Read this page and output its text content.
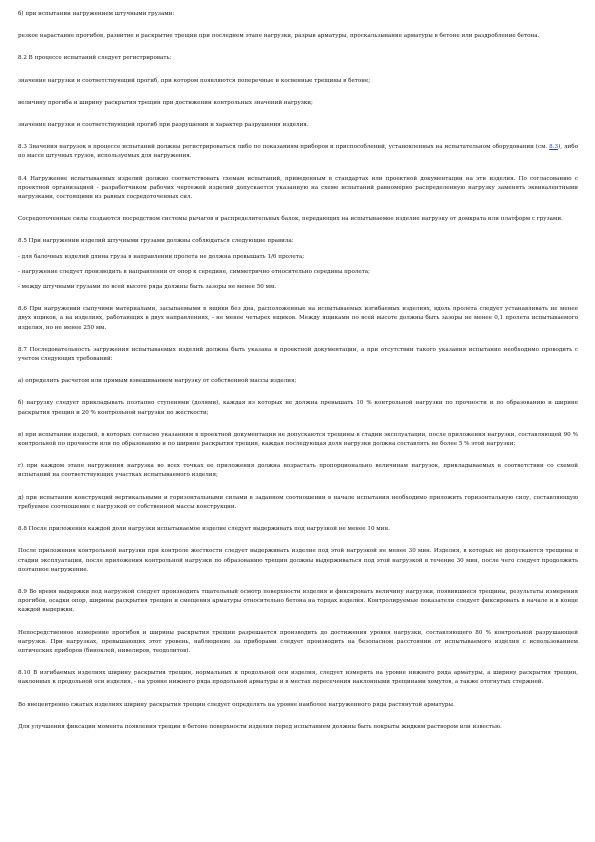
б) при испытании нагружением штучными грузами:

резкое нарастание прогибов, развитие и раскрытие трещин при последнем этапе нагрузки, разрыв арматуры, проскальзывание арматуры в бетоне или раздробление бетона.

8.2 В процессе испытаний следует регистрировать:

значение нагрузки и соответствующий прогиб, при котором появляются поперечные и косвенные трещины в бетоне;

величину прогиба и ширину раскрытия трещин при достижении контрольных значений нагрузки;

значение нагрузки и соответствующий прогиб при разрушении и характер разрушения изделия.

8.3 Значения нагрузок в процессе испытаний должны регистрироваться либо по показаниям приборов и приспособлений, установленных на испытательном оборудовании (см. 8.3), либо по массе штучных грузов, используемых для нагружения.

8.4 Нагружение испытываемых изделий должно соответствовать схемам испытаний, приведенным в стандартах или проектной документации на эти изделия. По согласованию с проектной организацией - разработчиком рабочих чертежей изделий допускается указанную на схеме испытаний равномерно распределенную нагрузку заменять эквивалентными нагрузками, состоящими из равных сосредоточенных сил.

Сосредоточенные силы создаются посредством системы рычагов и распределительных балок, передающих на испытываемое изделие нагрузку от домкрата или платформ с грузами.

8.5 При нагружении изделий штучными грузами должны соблюдаться следующие правила:

- для балочных изделий длина груза в направлении пролета не должна превышать 1/6 пролета;

- нагружение следует производить в направлении от опор к середине, симметрично относительно середины пролета;

- между штучными грузами по всей высоте ряда должны быть зазоры не менее 50 мм.

8.6 При нагружении сыпучими материалами, засыпаемыми в ящики без дна, расположенные на испытываемых изгибаемых изделиях, вдоль пролета следует устанавливать не менее двух ящиков, а на изделиях, работающих в двух направлениях, - не менее четырех ящиков. Между ящиками по всей высоте должны быть зазоры не менее 0,1 пролета испытываемого изделия, но не менее 250 мм.

8.7 Последовательность загружения испытываемых изделий должна быть указана в проектной документации, а при отсутствии такого указания испытание необходимо проводить с учетом следующих требований:

а) определить расчетом или прямым взвешиванием нагрузку от собственной массы изделия;

б) нагрузку следует прикладывать поэтапно ступенями (долями), каждая из которых не должна превышать 10 % контрольной нагрузки по прочности и по образованию и ширине раскрытия трещин и 20 % контрольной нагрузки по жесткости;

в) при испытании изделий, в которых согласно указаниям в проектной документации не допускаются трещины в стадии эксплуатации, после приложения нагрузки, составляющей 90 % контрольной по прочности или по образованию и по ширине раскрытия трещин, каждая последующая доля нагрузки должна составлять не более 5 % этой нагрузки;

г) при каждом этапе нагружения нагрузка во всех точках ее приложения должна возрастать пропорционально величинам нагрузок, прикладываемых в соответствии со схемой испытаний на соответствующих участках испытываемого изделия;

д) при испытании конструкций вертикальными и горизонтальными силами в заданном соотношении в начале испытания необходимо приложить горизонтальную силу, составляющую требуемое соотношение с нагрузкой от собственной массы конструкции.

8.8 После приложения каждой доли нагрузки испытываемое изделие следует выдерживать под нагрузкой не менее 10 мин.

После приложения контрольной нагрузки при контроле жесткости следует выдерживать изделие под этой нагрузкой не менее 30 мин. Изделия, в которых не допускаются трещины в стадии эксплуатации, после приложения контрольной нагрузки по образованию трещин должны выдерживаться под этой нагрузкой в течение 30 мин, после чего следует продолжить поэтапное нагружение.

8.9 Во время выдержки под нагрузкой следует производить тщательный осмотр поверхности изделия и фиксировать величину нагрузки, появившиеся трещины, результаты измерения прогибов, осадки опор, ширины раскрытия трещин и смещения арматуры относительно бетона на торцах изделия. Контролируемые показатели следует фиксировать в начале и в конце каждой выдержки.

Непосредственное измерение прогибов и ширины раскрытия трещин разрешается производить до достижения уровня нагрузки, составляющего 80 % контрольной разрушающей нагрузки. При нагрузках, превышающих этот уровень, наблюдение за приборами следует производить на безопасном расстоянии от испытываемого изделия с использованием оптических приборов (биноклей, нивелиров, теодолитов).

8.10 В изгибаемых изделиях ширину раскрытия трещин, нормальных к продольной оси изделия, следует измерять на уровне нижнего ряда арматуры, а ширину раскрытия трещин, наклонных к продольной оси изделия, - на уровне нижнего ряда продольной арматуры и в местах пересечения наклонными трещинами хомутов, а также отогнутых стержней.

Во внецентренно сжатых изделиях ширину раскрытия трещин следует определять на уровне наиболее нагруженного ряда растянутой арматуры.

Для улучшения фиксации момента появления трещин в бетоне поверхности изделия перед испытанием должны быть покрыты жидким раствором или известью.
